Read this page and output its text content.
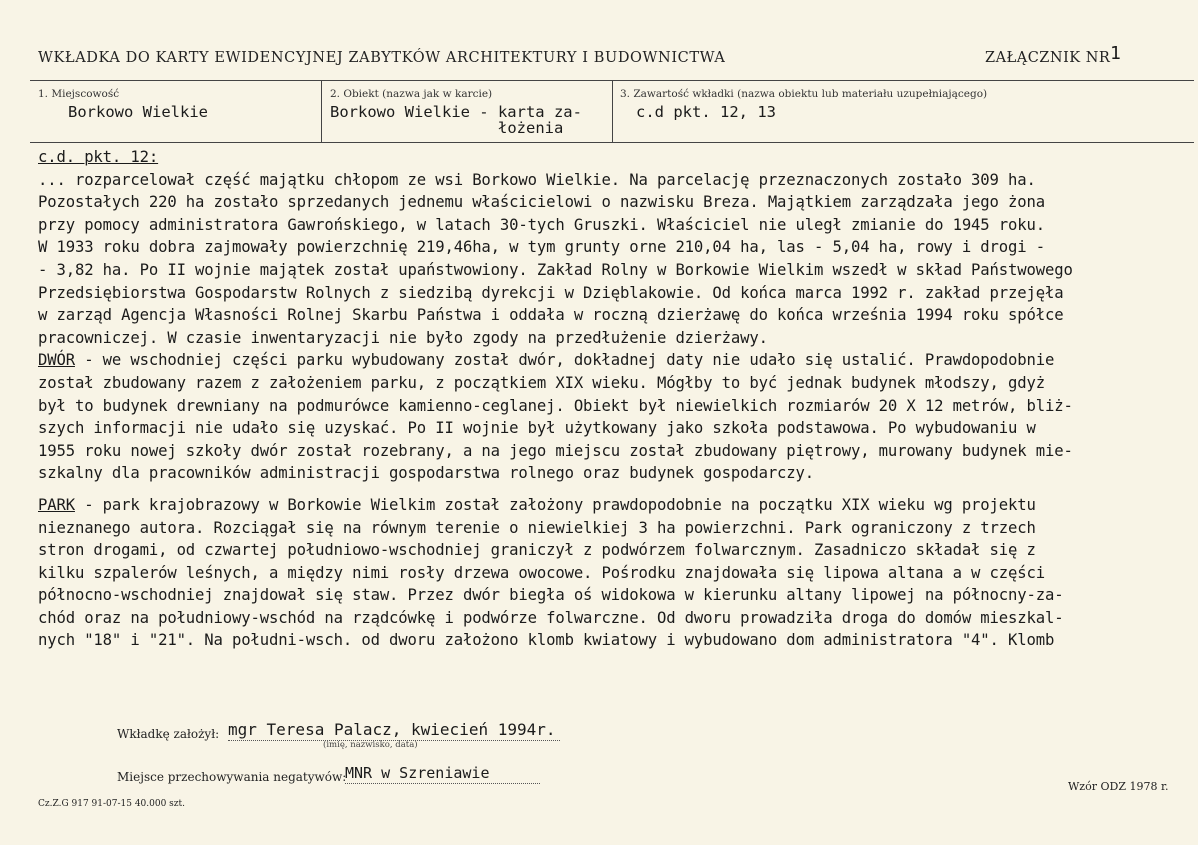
WKŁADKA DO KARTY EWIDENCYJNEJ ZABYTKÓW ARCHITEKTURY I BUDOWNICTWA	ZAŁĄCZNIK NR 1
1. Miejscowość
Borkowo Wielkie
2. Obiekt (nazwa jak w karcie)
Borkowo Wielkie - karta za-
łożenia
3. Zawartość wkładki (nazwa obiektu lub materiału uzupełniającego)
c.d pkt. 12, 13
c.d. pkt. 12:
... rozparcelował część majątku chłopom ze wsi Borkowo Wielkie. Na parcelację przeznaczonych zostało 309 ha.
Pozostałych 220 ha zostało sprzedanych jednemu właścicielowi o nazwisku Breza. Majątkiem zarządzała jego żona
przy pomocy administratora Gawrońskiego, w latach 30-tych Gruszki. Właściciel nie uległ zmianie do 1945 roku.
W 1933 roku dobra zajmowały powierzchnię 219,46ha, w tym grunty orne 210,04 ha, las - 5,04 ha, rowy i drogi -
- 3,82 ha. Po II wojnie majątek został upaństwowiony. Zakład Rolny w Borkowie Wielkim wszedł w skład Państwowego
Przedsiębiorstwa Gospodarstw Rolnych z siedzibą dyrekcji w Dzięblakowie. Od końca marca 1992 r. zakład przejęła
w zarząd Agencja Własności Rolnej Skarbu Państwa i oddała w roczną dzierżawę do końca września 1994 roku spółce
pracowniczej. W czasie inwentaryzacji nie było zgody na przedłużenie dzierżawy.
DWÓR - we wschodniej części parku wybudowany został dwór, dokładnej daty nie udało się ustalić. Prawdopodobnie
został zbudowany razem z założeniem parku, z początkiem XIX wieku. Mógłby to być jednak budynek młodszy, gdyż
był to budynek drewniany na podmurówce kamienno-ceglanej. Obiekt był niewielkich rozmiarów 20 X 12 metrów, bliż-
szych informacji nie udało się uzyskać. Po II wojnie był użytkowany jako szkoła podstawowa. Po wybudowaniu w
1955 roku nowej szkoły dwór został rozebrany, a na jego miejscu został zbudowany piętrowy, murowany budynek mie-
szkalny dla pracowników administracji gospodarstwa rolnego oraz budynek gospodarczy.
PARK - park krajobrazowy w Borkowie Wielkim został założony prawdopodobnie na początku XIX wieku wg projektu
nieznanego autora. Rozciągał się na równym terenie o niewielkiej 3 ha powierzchni. Park ograniczony z trzech
stron drogami, od czwartej południowo-wschodniej graniczył z podwórzem folwarcznym. Zasadniczo składał się z
kilku szpalerów leśnych, a między nimi rosły drzewa owocowe. Pośrodku znajdowała się lipowa altana a w części
północno-wschodniej znajdował się staw. Przez dwór biegła oś widokowa w kierunku altany lipowej na północny-za-
chód oraz na południowy-wschód na rządcówkę i podwórze folwarczne. Od dworu prowadziła droga do domów mieszkal-
nych "18" i "21". Na południ-wsch. od dworu założono klomb kwiatowy i wybudowano dom administratora "4". Klomb
Wkładkę założył: mgr Teresa Palacz, kwiecień 1994r.
(imię, nazwisko, data)
Miejsce przechowywania negatywów:
MNR w Szreniawie
Wzór ODZ 1978 r.
Cz.Z.G 917 91-07-15 40.000 szt.
